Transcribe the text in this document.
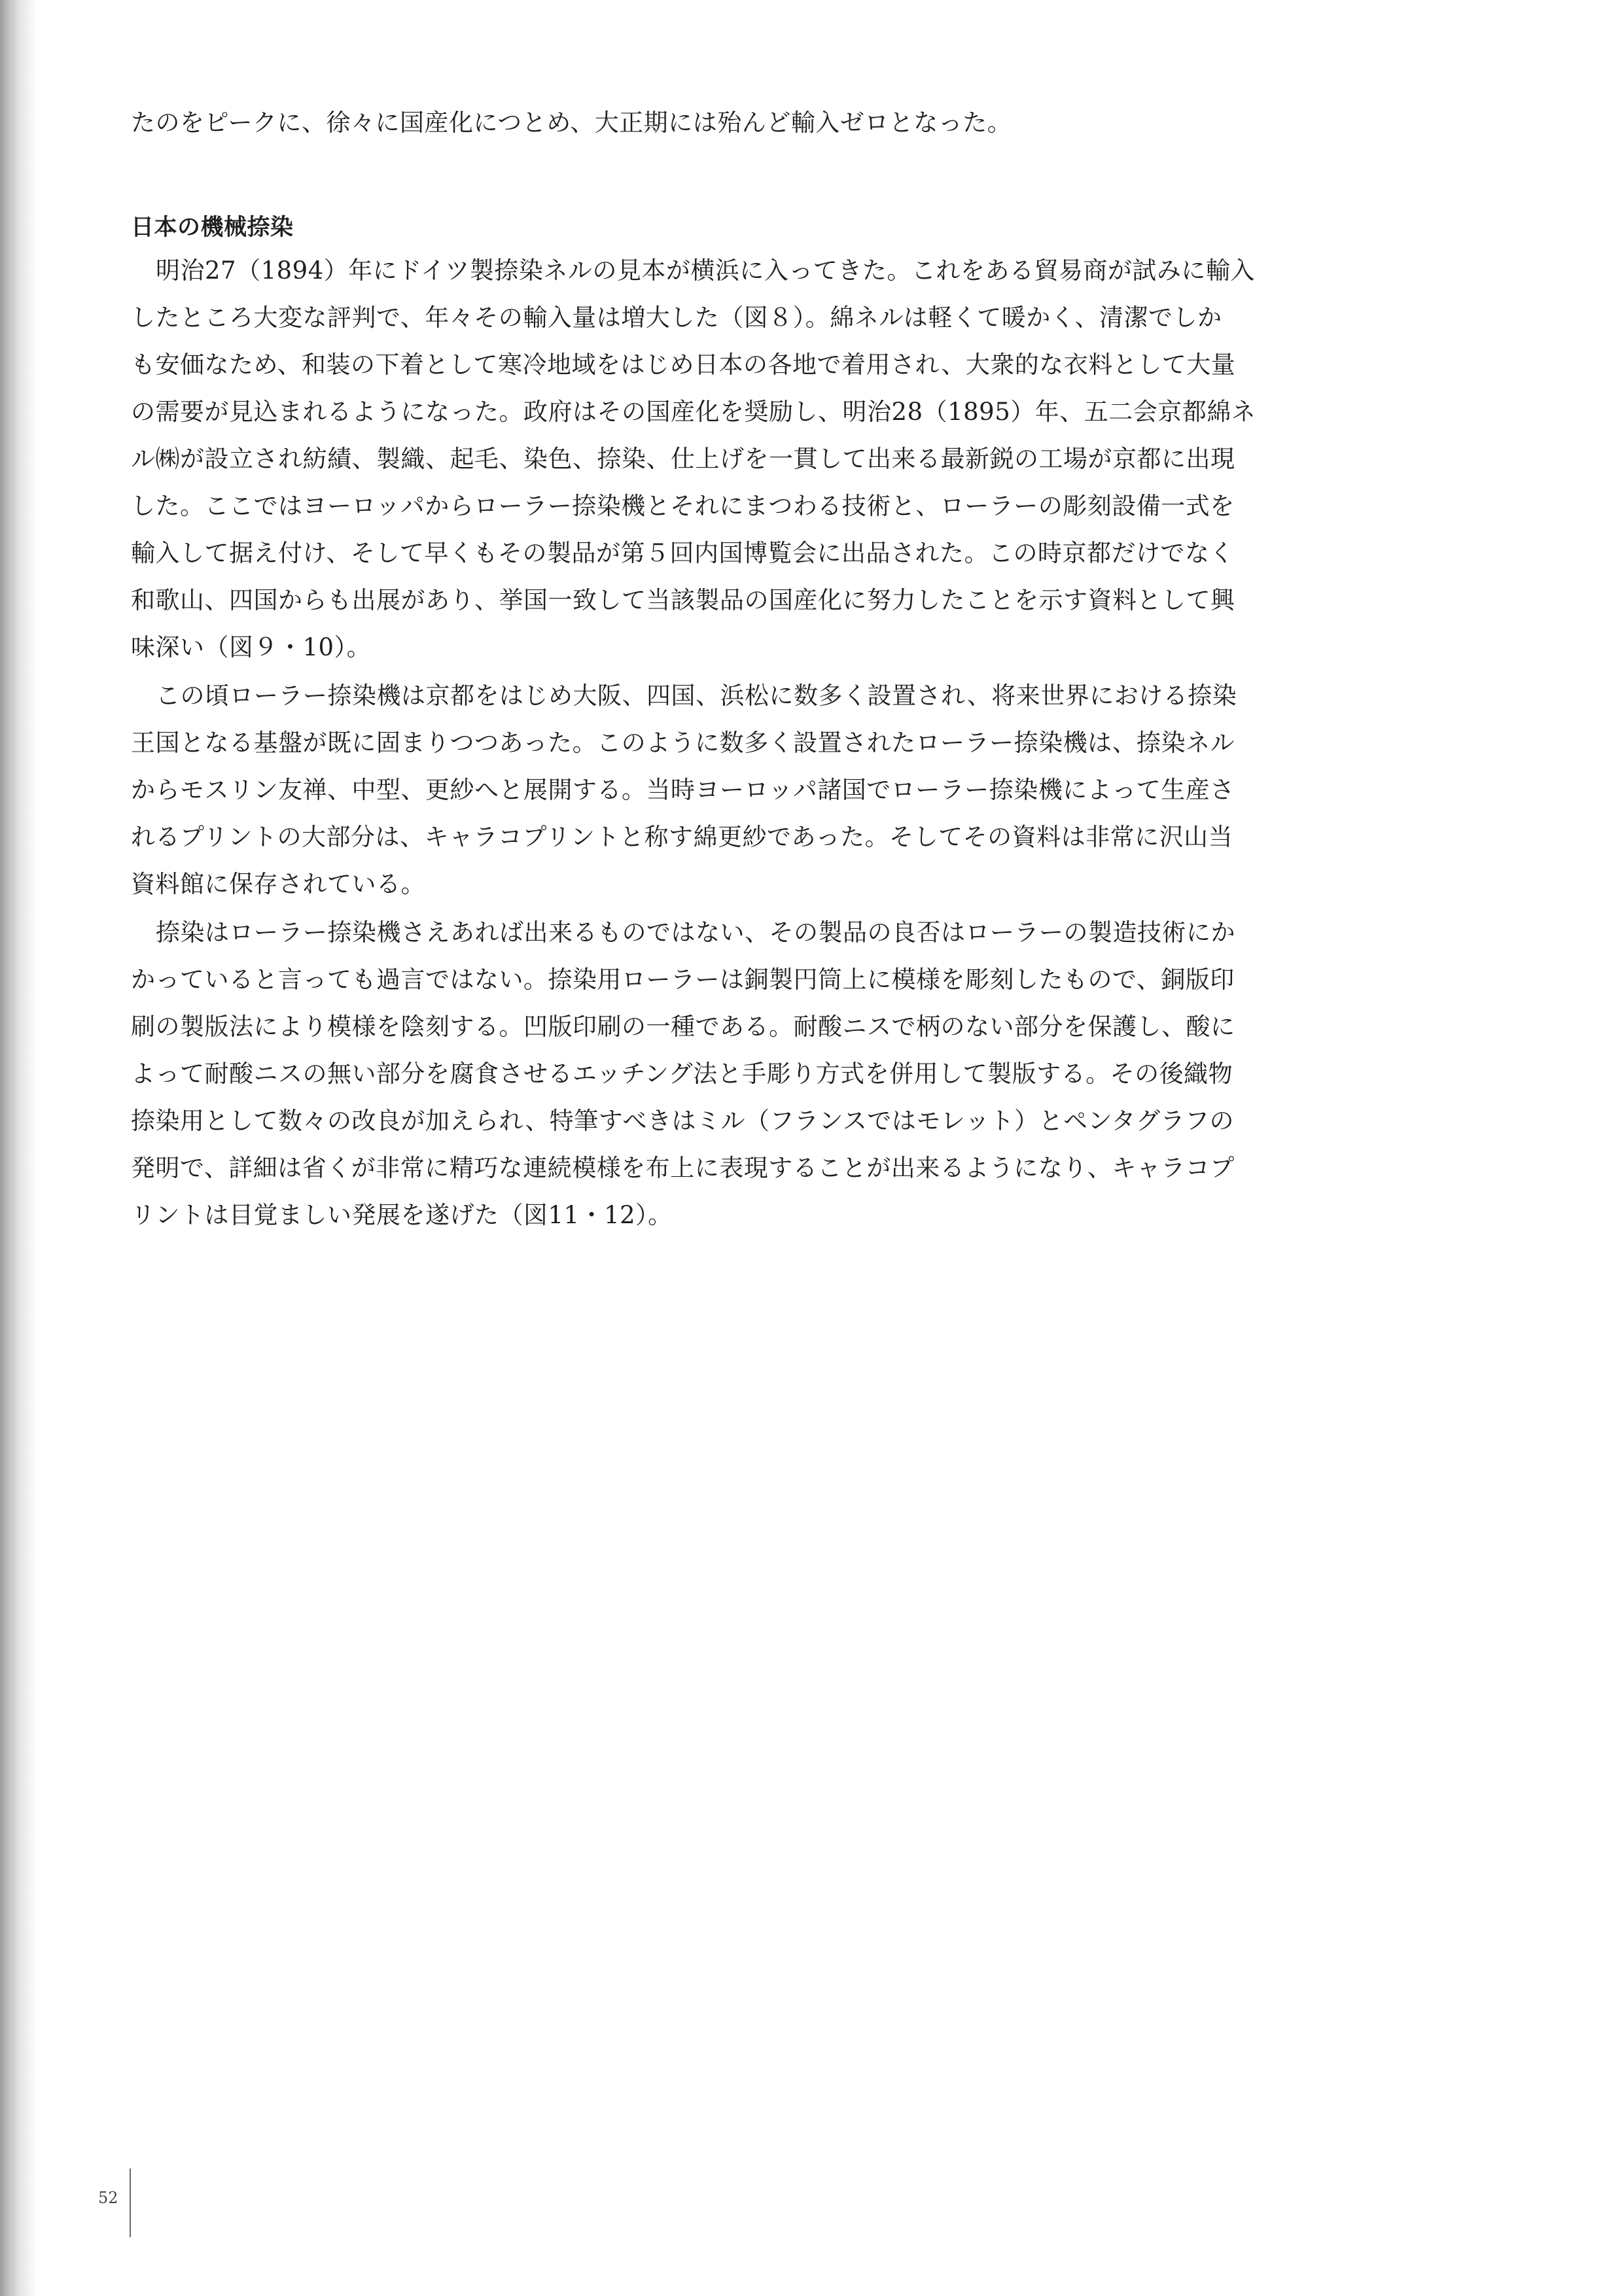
たのをピークに、徐々に国産化につとめ、大正期には殆んど輸入ゼロとなった。
日本の機械捺染
明治27（1894）年にドイツ製捺染ネルの見本が横浜に入ってきた。これをある貿易商が試みに輸入
したところ大変な評判で、年々その輸入量は増大した（図８）。綿ネルは軽くて暖かく、清潔でしか
も安価なため、和装の下着として寒冷地域をはじめ日本の各地で着用され、大衆的な衣料として大量
の需要が見込まれるようになった。政府はその国産化を奨励し、明治28（1895）年、五二会京都綿ネ
ル㈱が設立され紡績、製織、起毛、染色、捺染、仕上げを一貫して出来る最新鋭の工場が京都に出現
した。ここではヨーロッパからローラー捺染機とそれにまつわる技術と、ローラーの彫刻設備一式を
輸入して据え付け、そして早くもその製品が第５回内国博覧会に出品された。この時京都だけでなく
和歌山、四国からも出展があり、挙国一致して当該製品の国産化に努力したことを示す資料として興
味深い（図９・10）。
この頃ローラー捺染機は京都をはじめ大阪、四国、浜松に数多く設置され、将来世界における捺染
王国となる基盤が既に固まりつつあった。このように数多く設置されたローラー捺染機は、捺染ネル
からモスリン友禅、中型、更紗へと展開する。当時ヨーロッパ諸国でローラー捺染機によって生産さ
れるプリントの大部分は、キャラコプリントと称す綿更紗であった。そしてその資料は非常に沢山当
資料館に保存されている。
捺染はローラー捺染機さえあれば出来るものではない、その製品の良否はローラーの製造技術にか
かっていると言っても過言ではない。捺染用ローラーは銅製円筒上に模様を彫刻したもので、銅版印
刷の製版法により模様を陰刻する。凹版印刷の一種である。耐酸ニスで柄のない部分を保護し、酸に
よって耐酸ニスの無い部分を腐食させるエッチング法と手彫り方式を併用して製版する。その後織物
捺染用として数々の改良が加えられ、特筆すべきはミル（フランスではモレット）とペンタグラフの
発明で、詳細は省くが非常に精巧な連続模様を布上に表現することが出来るようになり、キャラコプ
リントは目覚ましい発展を遂げた（図11・12）。
52
